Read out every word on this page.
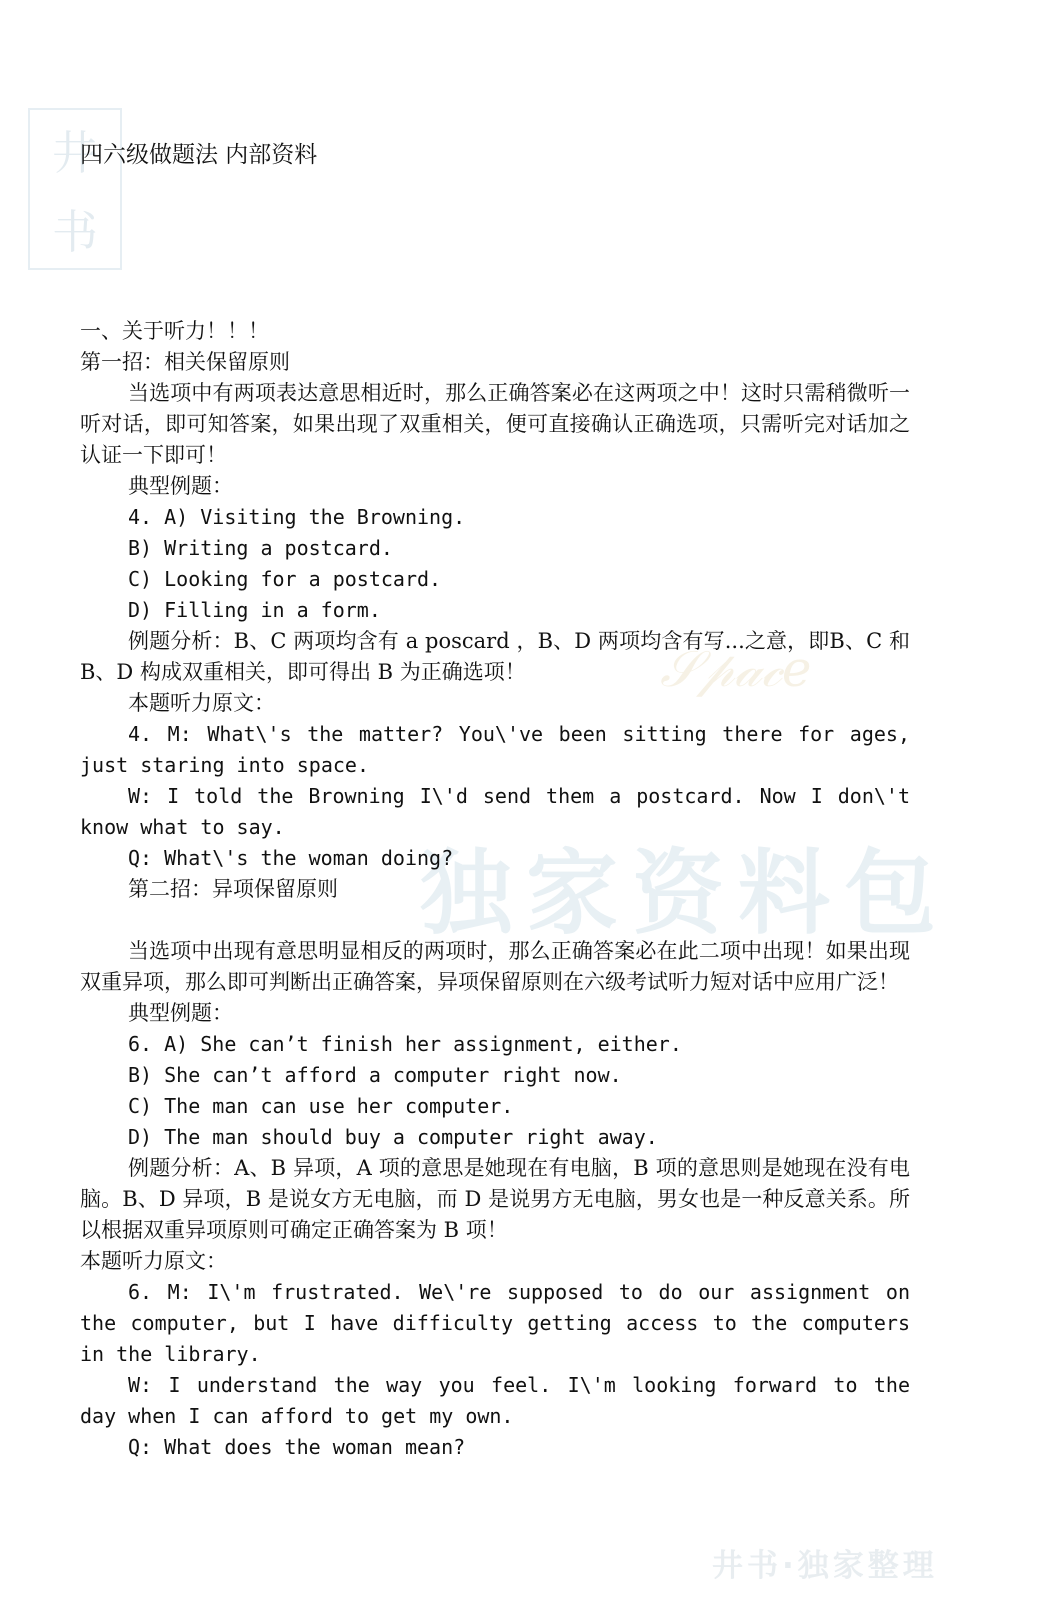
井
书
𝒮𝓅𝒶𝒸𝑒
独家资料包
井书·独家整理
四六级做题法 内部资料
一、关于听力！！！
第一招：相关保留原则
当选项中有两项表达意思相近时，那么正确答案必在这两项之中！这时只需稍微听一听对话，即可知答案，如果出现了双重相关，便可直接确认正确选项，只需听完对话加之认证一下即可！
典型例题：
4. A) Visiting the Browning.
B) Writing a postcard.
C) Looking for a postcard.
D) Filling in a form.
例题分析：B、C 两项均含有 a poscard ，B、D 两项均含有写...之意，即B、C 和 B、D 构成双重相关，即可得出 B 为正确选项！
本题听力原文：
4. M: What\'s the matter? You\'ve been sitting there for ages, just staring into space.
W: I told the Browning I\'d send them a postcard. Now I don\'t know what to say.
Q: What\'s the woman doing?
第二招：异项保留原则
当选项中出现有意思明显相反的两项时，那么正确答案必在此二项中出现！如果出现双重异项，那么即可判断出正确答案，异项保留原则在六级考试听力短对话中应用广泛！
典型例题：
6. A) She can’t finish her assignment, either.
B) She can’t afford a computer right now.
C) The man can use her computer.
D) The man should buy a computer right away.
例题分析：A、B 异项，A 项的意思是她现在有电脑，B 项的意思则是她现在没有电脑。B、D 异项，B 是说女方无电脑，而 D 是说男方无电脑，男女也是一种反意关系。所以根据双重异项原则可确定正确答案为 B 项！
本题听力原文：
6. M: I\'m frustrated. We\'re supposed to do our assignment on the computer, but I have difficulty getting access to the computers in the library.
W: I understand the way you feel. I\'m looking forward to the day when I can afford to get my own.
Q: What does the woman mean?
